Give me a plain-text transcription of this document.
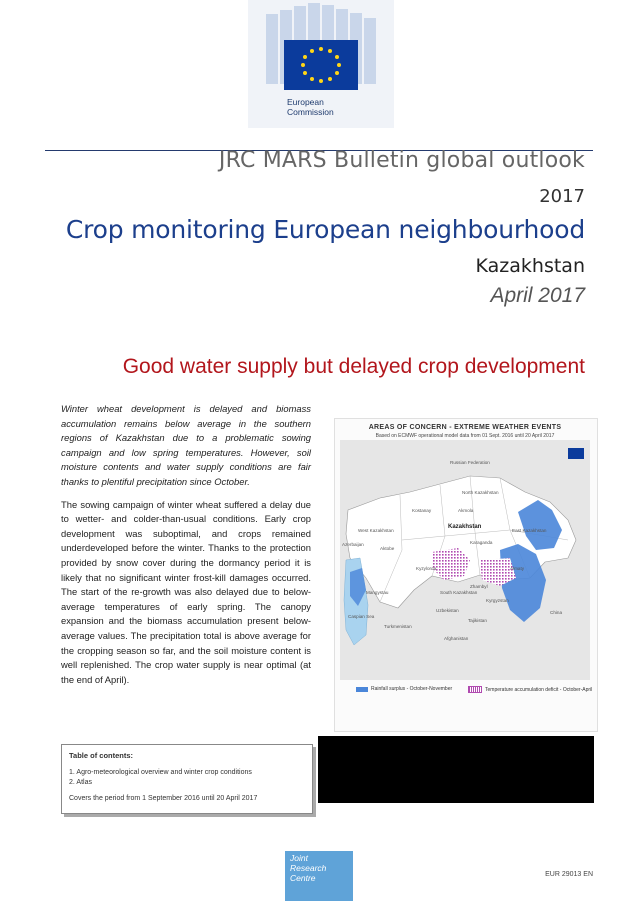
European
Commission
JRC MARS Bulletin global outlook
2017
Crop monitoring European neighbourhood
Kazakhstan
April 2017
Good water supply but delayed crop development

Winter wheat development is delayed and biomass accumulation remains below average in the southern regions of Kazakhstan due to a problematic sowing campaign and low spring temperatures. However, soil moisture contents and water supply conditions are fair thanks to plentiful precipitation since October.

The sowing campaign of winter wheat suffered a delay due to wetter- and colder-than-usual conditions. Early crop development was suboptimal, and crops remained underdeveloped before the winter. Thanks to the protection provided by snow cover during the dormancy period it is likely that no significant winter frost-kill damages occurred. The start of the re-growth was also delayed due to below-average temperatures of early spring. The canopy expansion and the biomass accumulation present below-average values. The precipitation total is above average for the cropping season so far, and the soil moisture content is well replenished. The crop water supply is near optimal (at the end of April).

AREAS OF CONCERN - EXTREME WEATHER EVENTS
Based on ECMWF operational model data from 01 Sept. 2016 until 20 April 2017
Russian Federation
Kazakhstan
North Kazakhstan
East Kazakhstan
West Kazakhstan
Kostanay	Akmola
Aktobe
Karaganda
Almaty
Zhambyl
Kyzylorda
Mangystau	South Kazakhstan
Caspian Sea
Uzbekistan
Turkmenistan
Kyrgyzstan
Tajikistan
China
Azerbaijan
Afghanistan
Rainfall surplus - October-November	Temperature accumulation deficit - October-April
Table of contents:
1. Agro-meteorological overview and winter crop conditions
2. Atlas
Covers the period from 1 September 2016 until 20 April 2017
Joint
Research
Centre	EUR 29013 EN
